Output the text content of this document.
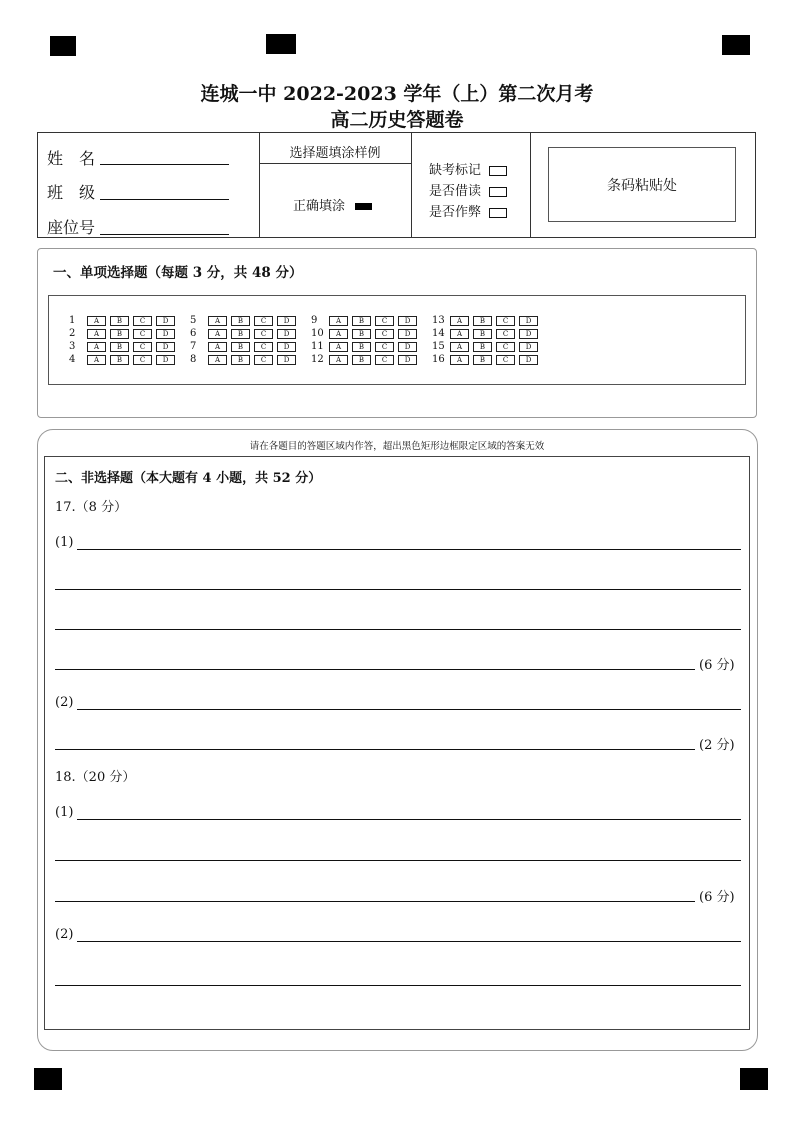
连城一中 2022-2023 学年（上）第二次月考
高二历史答题卷
姓　名
班　级
座位号
选择题填涂样例
正确填涂
缺考标记
是否借读
是否作弊
条码粘贴处
一、单项选择题（每题 3 分，共 48 分）
1	A	B	C	D
2	A	B	C	D
3	A	B	C	D
4	A	B	C	D
5	A	B	C	D
6	A	B	C	D
7	A	B	C	D
8	A	B	C	D
9	A	B	C	D
10	A	B	C	D
11	A	B	C	D
12	A	B	C	D
13	A	B	C	D
14	A	B	C	D
15	A	B	C	D
16	A	B	C	D
请在各题目的答题区域内作答，超出黑色矩形边框限定区域的答案无效
二、非选择题（本大题有 4 小题，共 52 分）
17.（8 分）
(1)
(6 分)
(2)
(2 分)
18.（20 分）
(1)
(6 分)
(2)
